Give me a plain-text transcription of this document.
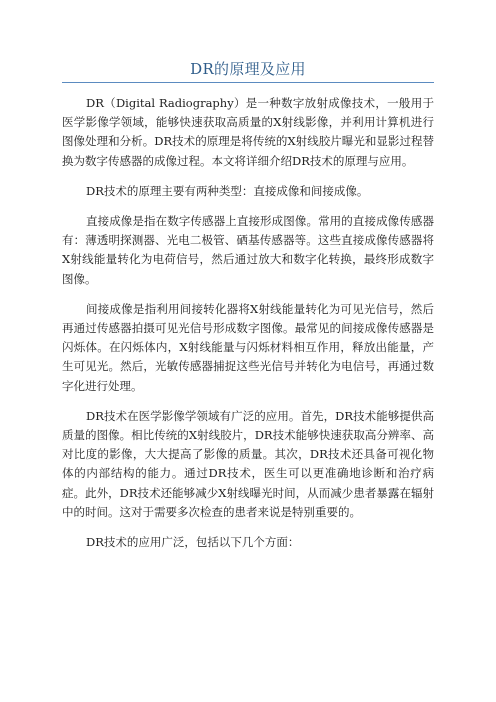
DR的原理及应用

DR（Digital Radiography）是一种数字放射成像技术，一般用于医学影像学领域，能够快速获取高质量的X射线影像，并利用计算机进行图像处理和分析。DR技术的原理是将传统的X射线胶片曝光和显影过程替换为数字传感器的成像过程。本文将详细介绍DR技术的原理与应用。

DR技术的原理主要有两种类型：直接成像和间接成像。

直接成像是指在数字传感器上直接形成图像。常用的直接成像传感器有：薄透明探测器、光电二极管、硒基传感器等。这些直接成像传感器将X射线能量转化为电荷信号，然后通过放大和数字化转换，最终形成数字图像。

间接成像是指利用间接转化器将X射线能量转化为可见光信号，然后再通过传感器拍摄可见光信号形成数字图像。最常见的间接成像传感器是闪烁体。在闪烁体内，X射线能量与闪烁材料相互作用，释放出能量，产生可见光。然后，光敏传感器捕捉这些光信号并转化为电信号，再通过数字化进行处理。

DR技术在医学影像学领域有广泛的应用。首先，DR技术能够提供高质量的图像。相比传统的X射线胶片，DR技术能够快速获取高分辨率、高对比度的影像，大大提高了影像的质量。其次，DR技术还具备可视化物体的内部结构的能力。通过DR技术，医生可以更准确地诊断和治疗病症。此外，DR技术还能够减少X射线曝光时间，从而减少患者暴露在辐射中的时间。这对于需要多次检查的患者来说是特别重要的。

DR技术的应用广泛，包括以下几个方面：
